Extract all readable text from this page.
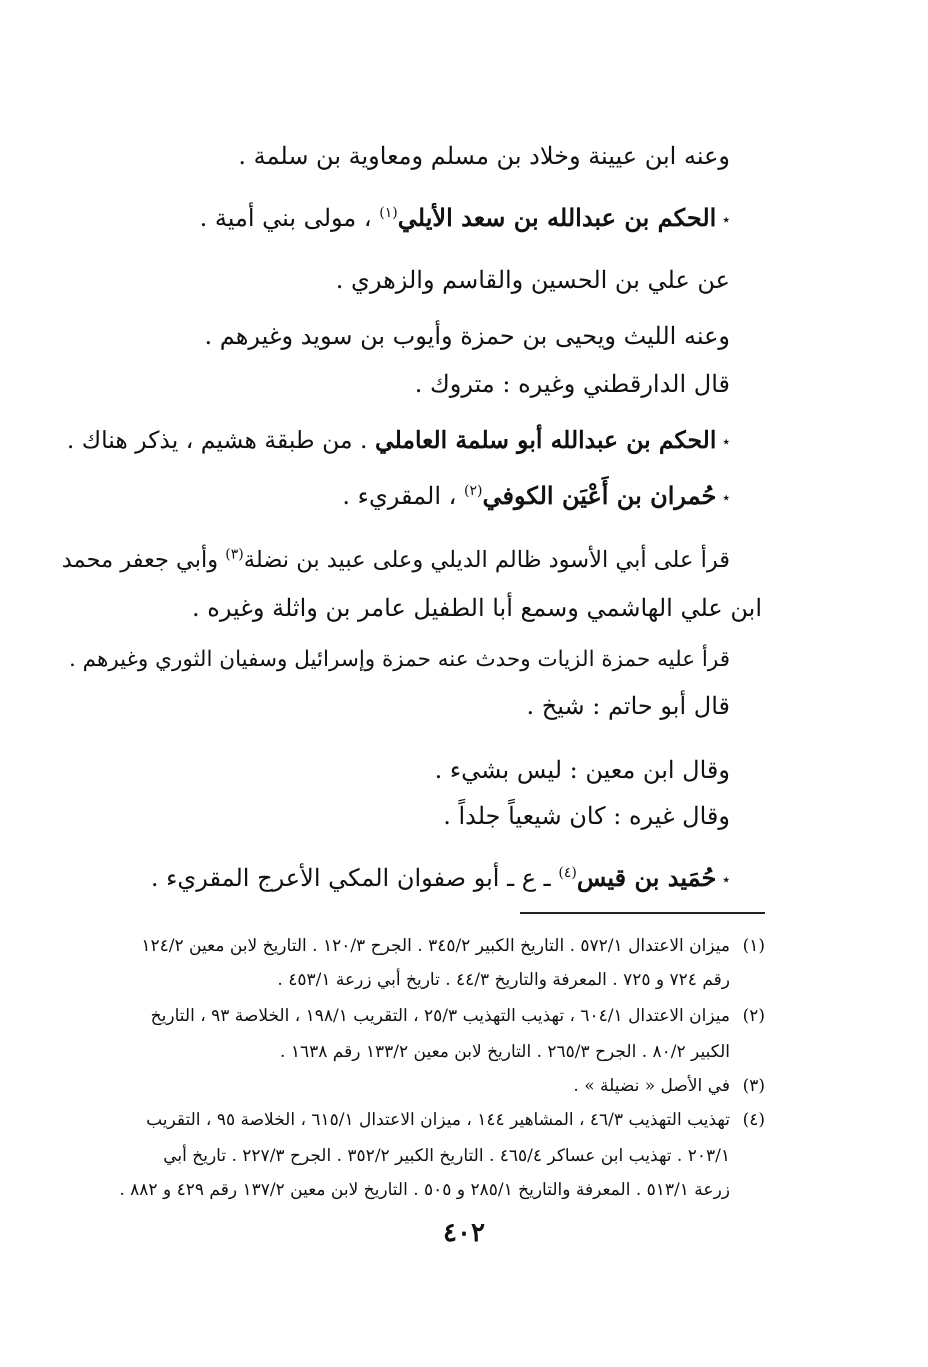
وعنه ابن عيينة وخلاد بن مسلم ومعاوية بن سلمة .
٭الحكم بن عبدالله بن سعد الأيلي$^{(١)}$ ، مولى بني أمية .
عن علي بن الحسين والقاسم والزهري .
وعنه الليث ويحيى بن حمزة وأيوب بن سويد وغيرهم .
قال الدارقطني وغيره : متروك .
٭الحكم بن عبدالله أبو سلمة العاملي . من طبقة هشيم ، يذكر هناك .
٭حُمران بن أَعْيَن الكوفي$^{(٢)}$ ، المقريء .
قرأ على أبي الأسود ظالم الديلي وعلى عبيد بن نضلة$^{(٣)}$ وأبي جعفر محمد
ابن علي الهاشمي وسمع أبا الطفيل عامر بن واثلة وغيره .
قرأ عليه حمزة الزيات وحدث عنه حمزة وإسرائيل وسفيان الثوري وغيرهم .
قال أبو حاتم : شيخ .
وقال ابن معين : ليس بشيء .
وقال غيره : كان شيعياً جلداً .
٭حُمَيد بن قيس$^{(٤)}$ ـ ع ـ أبو صفوان المكي الأعرج المقريء .
(١)
ميزان الاعتدال ٥٧٢/١ . التاريخ الكبير ٣٤٥/٢ . الجرح ١٢٠/٣ . التاريخ لابن معين ١٢٤/٢
رقم ٧٢٤ و ٧٢٥ . المعرفة والتاريخ ٤٤/٣ . تاريخ أبي زرعة ٤٥٣/١ .
(٢)
ميزان الاعتدال ٦٠٤/١ ، تهذيب التهذيب ٢٥/٣ ، التقريب ١٩٨/١ ، الخلاصة ٩٣ ، التاريخ
الكبير ٨٠/٢ . الجرح ٢٦٥/٣ . التاريخ لابن معين ١٣٣/٢ رقم ١٦٣٨ .
(٣)
في الأصل « نضيلة » .
(٤)
تهذيب التهذيب ٤٦/٣ ، المشاهير ١٤٤ ، ميزان الاعتدال ٦١٥/١ ، الخلاصة ٩٥ ، التقريب
٢٠٣/١ . تهذيب ابن عساكر ٤٦٥/٤ . التاريخ الكبير ٣٥٢/٢ . الجرح ٢٢٧/٣ . تاريخ أبي
زرعة ٥١٣/١ . المعرفة والتاريخ ٢٨٥/١ و ٥٠٥ . التاريخ لابن معين ١٣٧/٢ رقم ٤٢٩ و ٨٨٢ .
٤٠٢
